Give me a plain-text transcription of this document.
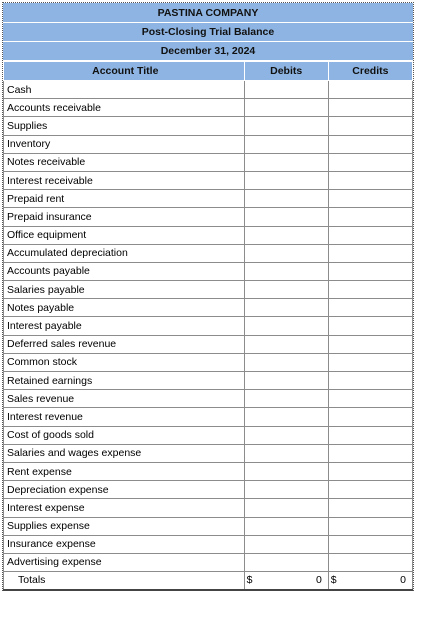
PASTINA COMPANY
Post-Closing Trial Balance
December 31, 2024
Account Title	Debits	Credits
Cash		
Accounts receivable		
Supplies		
Inventory		
Notes receivable		
Interest receivable		
Prepaid rent		
Prepaid insurance		
Office equipment		
Accumulated depreciation		
Accounts payable		
Salaries payable		
Notes payable		
Interest payable		
Deferred sales revenue		
Common stock		
Retained earnings		
Sales revenue		
Interest revenue		
Cost of goods sold		
Salaries and wages expense		
Rent expense		
Depreciation expense		
Interest expense		
Supplies expense		
Insurance expense		
Advertising expense		
Totals	$ 0	$ 0
